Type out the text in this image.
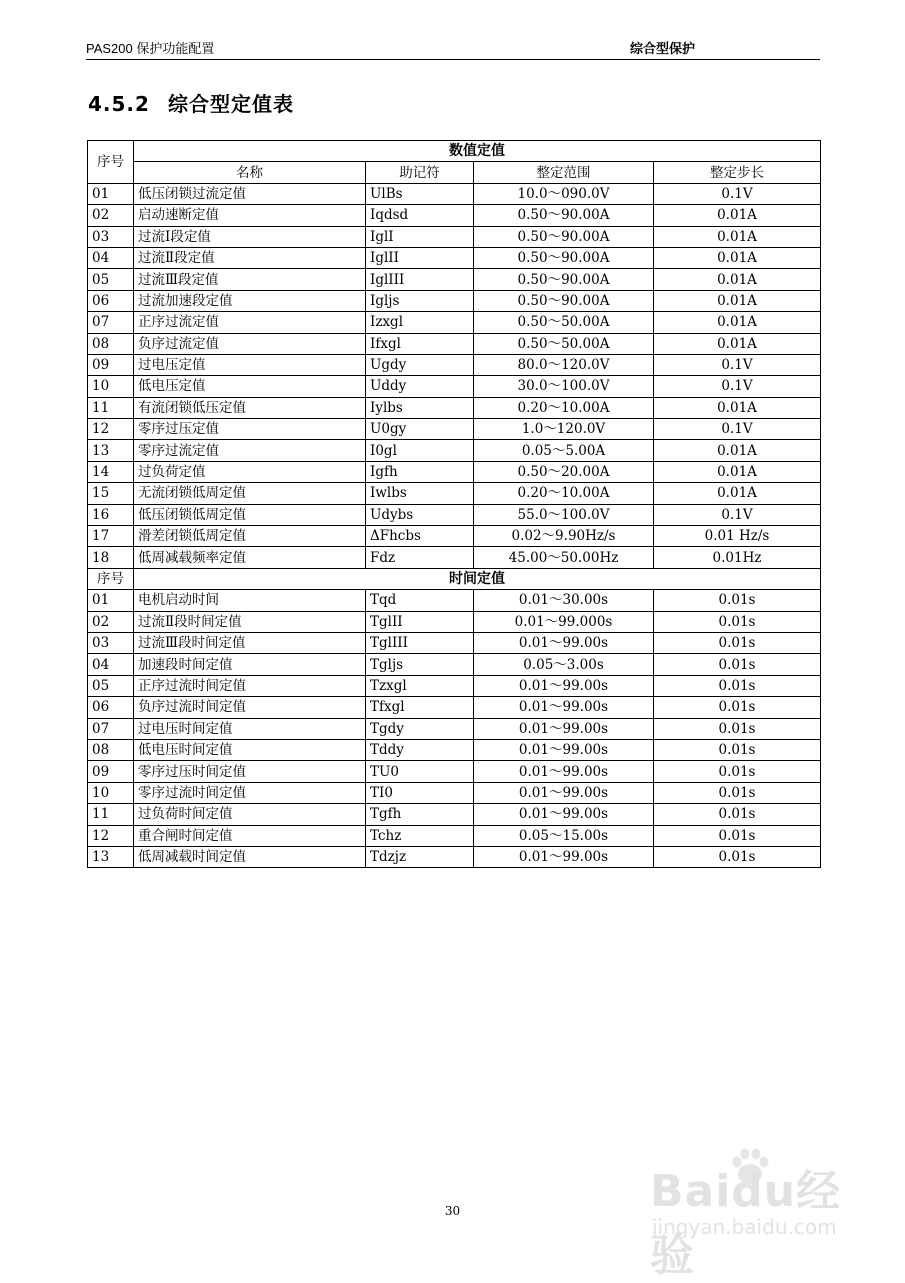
PAS200 保护功能配置	综合型保护
4.5.2 综合型定值表
序号	数值定值			
	名称	助记符	整定范围	整定步长
01	低压闭锁过流定值	UlBs	10.0～090.0V	0.1V
02	启动速断定值	Iqdsd	0.50～90.00A	0.01A
03	过流Ⅰ段定值	IglI	0.50～90.00A	0.01A
04	过流Ⅱ段定值	IglII	0.50～90.00A	0.01A
05	过流Ⅲ段定值	IglIII	0.50～90.00A	0.01A
06	过流加速段定值	Igljs	0.50～90.00A	0.01A
07	正序过流定值	Izxgl	0.50～50.00A	0.01A
08	负序过流定值	Ifxgl	0.50～50.00A	0.01A
09	过电压定值	Ugdy	80.0～120.0V	0.1V
10	低电压定值	Uddy	30.0～100.0V	0.1V
11	有流闭锁低压定值	Iylbs	0.20～10.00A	0.01A
12	零序过压定值	U0gy	1.0～120.0V	0.1V
13	零序过流定值	I0gl	0.05～5.00A	0.01A
14	过负荷定值	Igfh	0.50～20.00A	0.01A
15	无流闭锁低周定值	Iwlbs	0.20～10.00A	0.01A
16	低压闭锁低周定值	Udybs	55.0～100.0V	0.1V
17	滑差闭锁低周定值	ΔFhcbs	0.02～9.90Hz/s	0.01 Hz/s
18	低周减载频率定值	Fdz	45.00～50.00Hz	0.01Hz
序号	时间定值			
01	电机启动时间	Tqd	0.01～30.00s	0.01s
02	过流Ⅱ段时间定值	TglII	0.01～99.000s	0.01s
03	过流Ⅲ段时间定值	TglIII	0.01～99.00s	0.01s
04	加速段时间定值	Tgljs	0.05～3.00s	0.01s
05	正序过流时间定值	Tzxgl	0.01～99.00s	0.01s
06	负序过流时间定值	Tfxgl	0.01～99.00s	0.01s
07	过电压时间定值	Tgdy	0.01～99.00s	0.01s
08	低电压时间定值	Tddy	0.01～99.00s	0.01s
09	零序过压时间定值	TU0	0.01～99.00s	0.01s
10	零序过流时间定值	TI0	0.01～99.00s	0.01s
11	过负荷时间定值	Tgfh	0.01～99.00s	0.01s
12	重合闸时间定值	Tchz	0.05～15.00s	0.01s
13	低周减载时间定值	Tdzjz	0.01～99.00s	0.01s
30	Baidu经验
jingyan.baidu.com
